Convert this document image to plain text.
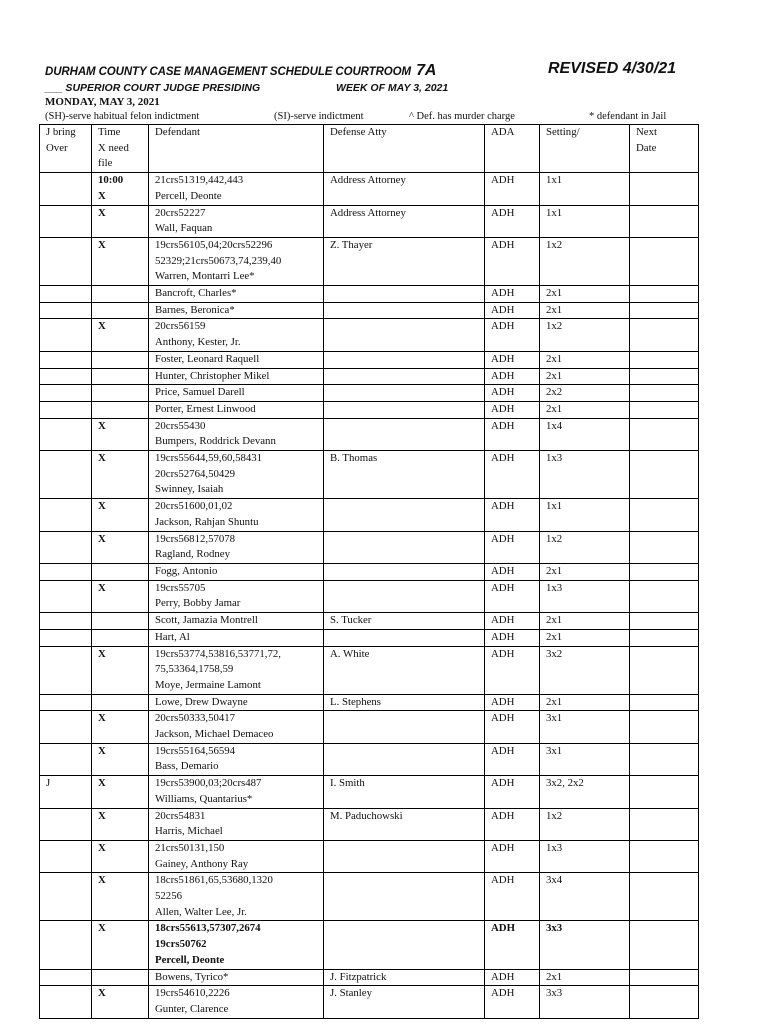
DURHAM COUNTY CASE MANAGEMENT SCHEDULE COURTROOM 7A	REVISED 4/30/21
___ SUPERIOR COURT JUDGE PRESIDING	WEEK OF MAY 3, 2021
MONDAY, MAY 3, 2021
(SH)-serve habitual felon indictment	(SI)-serve indictment	^ Def. has murder charge	* defendant in Jail
J bring
Over	Time
X need
file	Defendant	Defense Atty	ADA	Setting/	Next
Date
	10:00
X	21crs51319,442,443
Percell, Deonte	Address Attorney	ADH	1x1	
	X	20crs52227
Wall, Faquan	Address Attorney	ADH	1x1	
	X	19crs56105,04;20crs52296
52329;21crs50673,74,239,40
Warren, Montarri Lee*	Z. Thayer	ADH	1x2	
		Bancroft, Charles*		ADH	2x1	
		Barnes, Beronica*		ADH	2x1	
	X	20crs56159
Anthony, Kester, Jr.		ADH	1x2	
		Foster, Leonard Raquell		ADH	2x1	
		Hunter, Christopher Mikel		ADH	2x1	
		Price, Samuel Darell		ADH	2x2	
		Porter, Ernest Linwood		ADH	2x1	
	X	20crs55430
Bumpers, Roddrick Devann		ADH	1x4	
	X	19crs55644,59,60,58431
20crs52764,50429
Swinney, Isaiah	B. Thomas	ADH	1x3	
	X	20crs51600,01,02
Jackson, Rahjan Shuntu		ADH	1x1	
	X	19crs56812,57078
Ragland, Rodney		ADH	1x2	
		Fogg, Antonio		ADH	2x1	
	X	19crs55705
Perry, Bobby Jamar		ADH	1x3	
		Scott, Jamazia Montrell	S. Tucker	ADH	2x1	
		Hart, Al		ADH	2x1	
	X	19crs53774,53816,53771,72,
75,53364,1758,59
Moye, Jermaine Lamont	A. White	ADH	3x2	
		Lowe, Drew Dwayne	L. Stephens	ADH	2x1	
	X	20crs50333,50417
Jackson, Michael Demaceo		ADH	3x1	
	X	19crs55164,56594
Bass, Demario		ADH	3x1	
J	X	19crs53900,03;20crs487
Williams, Quantarius*	I. Smith	ADH	3x2, 2x2	
	X	20crs54831
Harris, Michael	M. Paduchowski	ADH	1x2	
	X	21crs50131,150
Gainey, Anthony Ray		ADH	1x3	
	X	18crs51861,65,53680,1320
52256
Allen, Walter Lee, Jr.		ADH	3x4	
	X	18crs55613,57307,2674
19crs50762
Percell, Deonte		ADH	3x3	
		Bowens, Tyrico*	J. Fitzpatrick	ADH	2x1	
	X	19crs54610,2226
Gunter, Clarence	J. Stanley	ADH	3x3	
